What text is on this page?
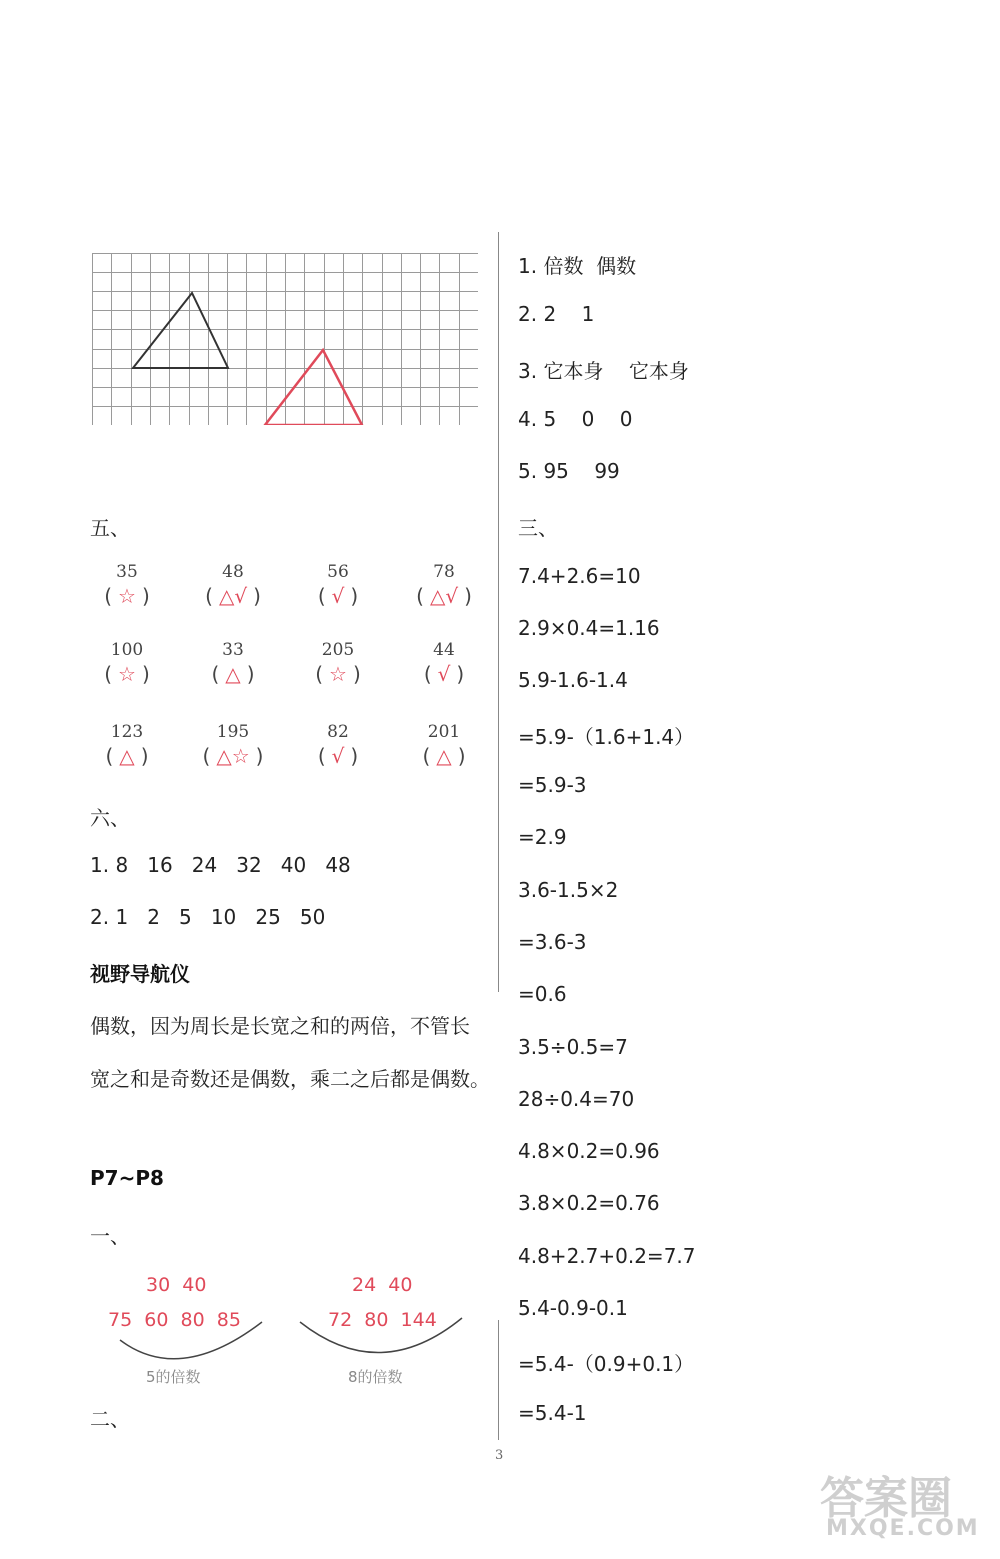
五、
35
( ☆ )
48
( △√ )
56
( √ )
78
( △√ )
100
( ☆ )
33
( △ )
205
( ☆ )
44
( √ )
123
( △ )
195
( △☆ )
82
( √ )
201
( △ )
六、
1. 8   16   24   32   40   48
2. 1   2   5   10   25   50
视野导航仪
偶数，因为周长是长宽之和的两倍，不管长
宽之和是奇数还是偶数，乘二之后都是偶数。
P7~P8
一、
30  40
75  60  80  85
24  40
72  80  144
5的倍数	8的倍数
二、
1. 倍数  偶数
2. 2    1
3. 它本身    它本身
4. 5    0    0
5. 95    99
三、
7.4+2.6=10
2.9×0.4=1.16
5.9-1.6-1.4
=5.9-（1.6+1.4）
=5.9-3
=2.9
3.6-1.5×2
=3.6-3
=0.6
3.5÷0.5=7
28÷0.4=70
4.8×0.2=0.96
3.8×0.2=0.76
4.8+2.7+0.2=7.7
5.4-0.9-0.1
=5.4-（0.9+0.1）
=5.4-1
3
答案圈
MXQE.COM
